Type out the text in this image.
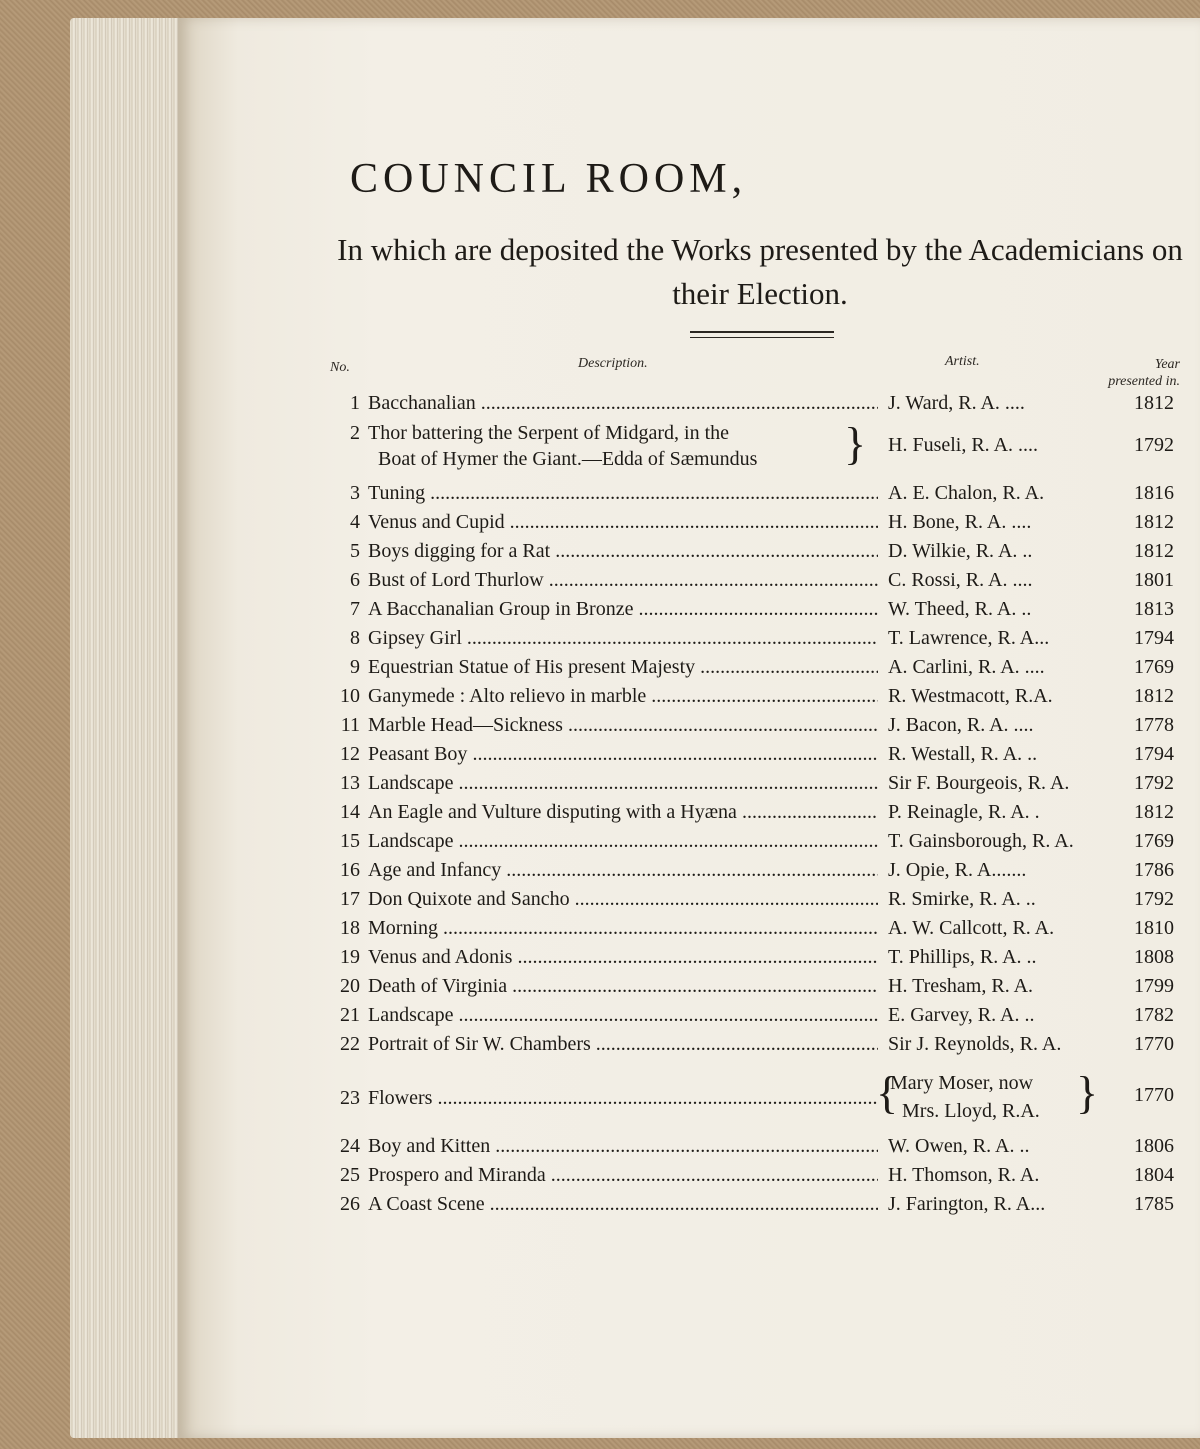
COUNCIL ROOM,
In which are deposited the Works presented by the Academicians on their Election.
No.	Description.	Artist.	Year presented in.
1 Bacchanalian .....	J. Ward, R. A. ....	1812
2 Thor battering the Serpent of Midgard, in the
Boat of Hymer the Giant.—Edda of Sæmundus } H. Fuseli, R. A. ....	1792
3 Tuning .....	A. E. Chalon, R. A.	1816
4 Venus and Cupid .....	H. Bone, R. A. ....	1812
5 Boys digging for a Rat .....	D. Wilkie, R. A. ..	1812
6 Bust of Lord Thurlow .....	C. Rossi, R. A. ....	1801
7 A Bacchanalian Group in Bronze .....	W. Theed, R. A. ..	1813
8 Gipsey Girl .....	T. Lawrence, R. A...	1794
9 Equestrian Statue of His present Majesty .....	A. Carlini, R. A. ....	1769
10 Ganymede : Alto relievo in marble .....	R. Westmacott, R.A.	1812
11 Marble Head—Sickness .....	J. Bacon, R. A. ....	1778
12 Peasant Boy .....	R. Westall, R. A. ..	1794
13 Landscape .....	Sir F. Bourgeois, R. A.	1792
14 An Eagle and Vulture disputing with a Hyæna .....	P. Reinagle, R. A. .	1812
15 Landscape .....	T. Gainsborough, R. A.	1769
16 Age and Infancy .....	J. Opie, R. A.......	1786
17 Don Quixote and Sancho .....	R. Smirke, R. A. ..	1792
18 Morning .....	A. W. Callcott, R. A.	1810
19 Venus and Adonis .....	T. Phillips, R. A. ..	1808
20 Death of Virginia .....	H. Tresham, R. A.	1799
21 Landscape .....	E. Garvey, R. A. ..	1782
22 Portrait of Sir W. Chambers .....	Sir J. Reynolds, R. A.	1770
23 Flowers .....	{
Mary Moser, now
Mrs. Lloyd, R.A. }	1770
24 Boy and Kitten .....	W. Owen, R. A. ..	1806
25 Prospero and Miranda .....	H. Thomson, R. A.	1804
26 A Coast Scene .....	J. Farington, R. A...	1785
